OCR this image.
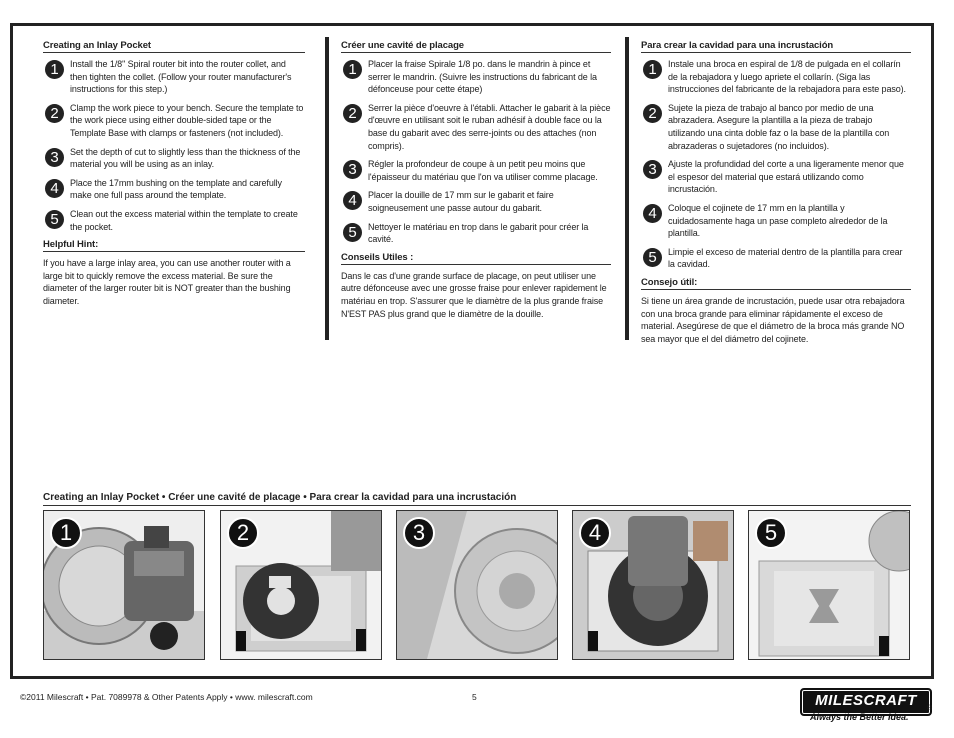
Creating an Inlay Pocket
1	Install the 1/8'' Spiral router bit into the router collet, and then tighten the collet. (Follow your router manufacturer's instructions for this step.)
2	Clamp the work piece to your bench. Secure the template to the work piece using either double-sided tape or the Template Base with clamps or fasteners (not included).
3	Set the depth of cut to slightly less than the thickness of the material you will be using as an inlay.
4	Place the 17mm bushing on the template and carefully make one full pass around the template.
5	Clean out the excess material within the template to create the pocket.
Helpful Hint:
If you have a large inlay area, you can use another router with a large bit to quickly remove the excess material. Be sure the diameter of the larger router bit is NOT greater than the bushing diameter.
Créer une cavité de placage
1	Placer la fraise Spirale 1/8 po. dans le mandrin à pince et serrer le mandrin. (Suivre les instructions du fabricant de la défonceuse pour cette étape)
2	Serrer la pièce d'oeuvre à l'établi. Attacher le gabarit à la pièce d'œuvre en utilisant soit le ruban adhésif à double face ou la base du gabarit avec des serre-joints ou des attaches (non compris).
3	Régler la profondeur de coupe à un petit peu moins que l'épaisseur du matériau que l'on va utiliser comme placage.
4	Placer la douille de 17 mm sur le gabarit et faire soigneusement une passe autour du gabarit.
5	Nettoyer le matériau en trop dans le gabarit pour créer la cavité.
Conseils Utiles :
Dans le cas d'une grande surface de placage, on peut utiliser une autre défonceuse avec une grosse fraise pour enlever rapidement le matériau en trop. S'assurer que le diamètre de la plus grande fraise N'EST PAS plus grand que le diamètre de la douille.
Para crear la cavidad para una incrustación
1	Instale una broca en espiral de 1/8 de pulgada en el collarín de la rebajadora y luego apriete el collarín. (Siga las instrucciones del fabricante de la rebajadora para este paso).
2	Sujete la pieza de trabajo al banco por medio de una abrazadera. Asegure la plantilla a la pieza de trabajo utilizando una cinta doble faz o la base de la plantilla con abrazaderas o sujetadores (no incluidos).
3	Ajuste la profundidad del corte a una ligeramente menor que el espesor del material que estará utilizando como incrustación.
4	Coloque el cojinete de 17 mm en la plantilla y cuidadosamente haga un pase completo alrededor de la plantilla.
5	Limpie el exceso de material dentro de la plantilla para crear la cavidad.
Consejo útil:
Si tiene un área grande de incrustación, puede usar otra rebajadora con una broca grande para eliminar rápidamente el exceso de material. Asegúrese de que el diámetro de la broca más grande NO sea mayor que el del diámetro del cojinete.
Creating an Inlay Pocket • Créer une cavité de placage • Para crear la cavidad para una incrustación
1	2	3	4	5
©2011 Milescraft • Pat. 7089978 & Other Patents Apply • www. milescraft.com	5	MILESCRAFT	®
Always the Better Idea.
